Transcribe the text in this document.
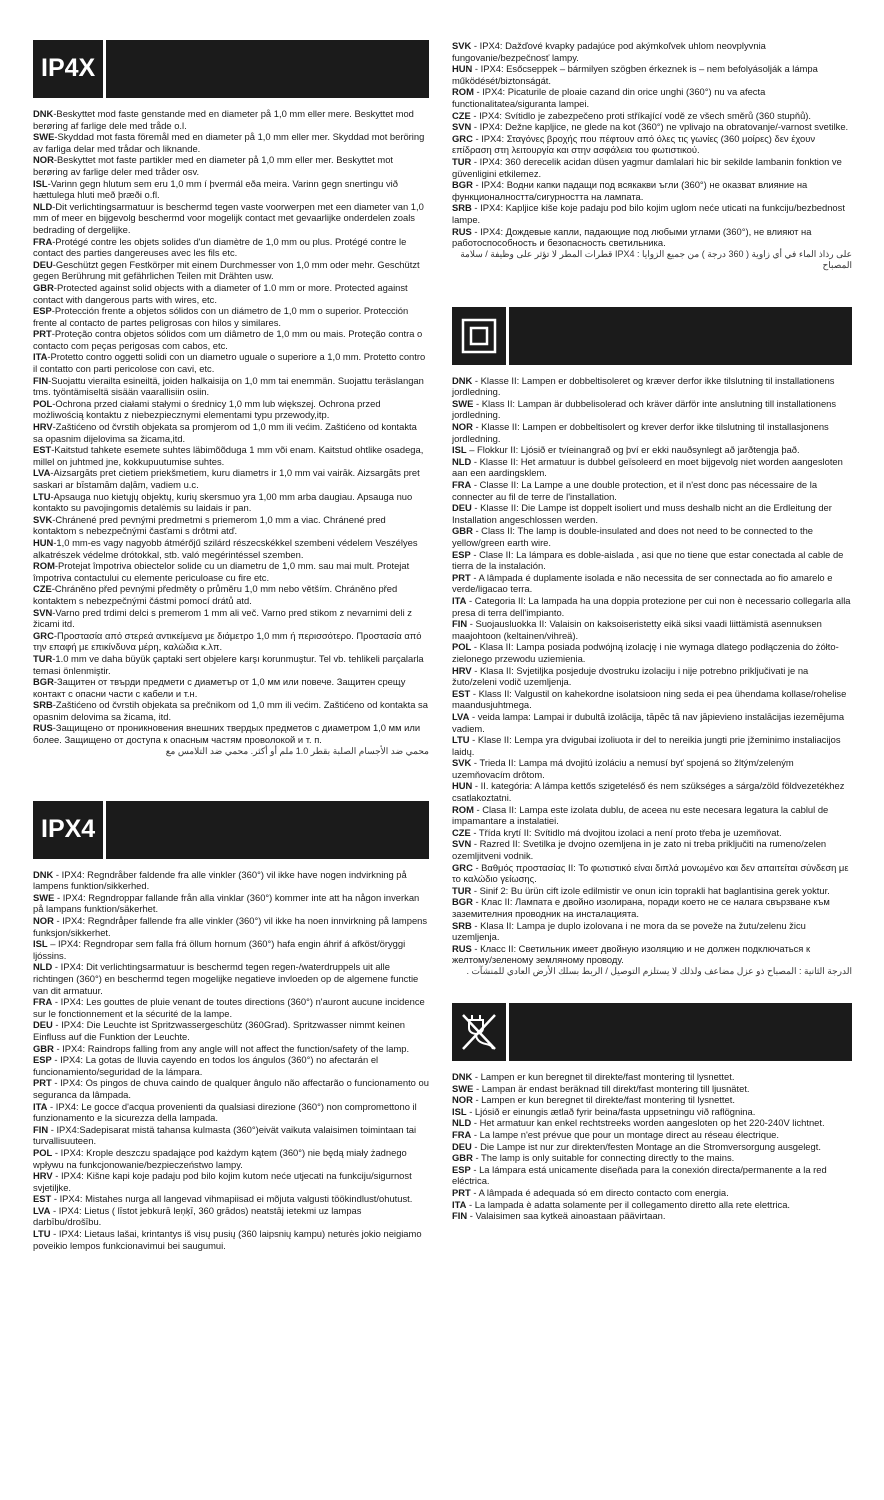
IP4X

DNK-Beskyttet mod faste genstande med en diameter på 1,0 mm eller mere. Beskyttet mod berøring af farlige dele med tråde o.l.

SWE-Skyddad mot fasta föremål med en diameter på 1,0 mm eller mer. Skyddad mot beröring av farliga delar med trådar och liknande.

NOR-Beskyttet mot faste partikler med en diameter på 1,0 mm eller mer. Beskyttet mot berøring av farlige deler med tråder osv.

ISL-Varinn gegn hlutum sem eru 1,0 mm í þvermál eða meira. Varinn gegn snertingu við hættulega hluti með þræði o.fl.

NLD-Dit verlichtingsarmatuur is beschermd tegen vaste voorwerpen met een diameter van 1,0 mm of meer en bijgevolg beschermd voor mogelijk contact met gevaarlijke onderdelen zoals bedrading of dergelijke.

FRA-Protégé contre les objets solides d'un diamètre de 1,0 mm ou plus. Protégé contre le contact des parties dangereuses avec les fils etc.

DEU-Geschützt gegen Festkörper mit einem Durchmesser von 1,0 mm oder mehr. Geschützt gegen Berührung mit gefährlichen Teilen mit Drähten usw.

GBR-Protected against solid objects with a diameter of 1.0 mm or more. Protected against contact with dangerous parts with wires, etc.

ESP-Protección frente a objetos sólidos con un diámetro de 1,0 mm o superior. Protección frente al contacto de partes peligrosas con hilos y similares.

PRT-Proteção contra objetos sólidos com um diâmetro de 1,0 mm ou mais. Proteção contra o contacto com peças perigosas com cabos, etc.

ITA-Protetto contro oggetti solidi con un diametro uguale o superiore a 1,0 mm. Protetto contro il contatto con parti pericolose con cavi, etc.

FIN-Suojattu vierailta esineiltä, joiden halkaisija on 1,0 mm tai enemmän. Suojattu teräslangan tms. työntämiseltä sisään vaarallisiin osiin.

POL-Ochrona przed ciałami stałymi o średnicy 1,0 mm lub większej. Ochrona przed możliwością kontaktu z niebezpiecznymi elementami typu przewody,itp.

HRV-Zaštićeno od čvrstih objekata sa promjerom od 1,0 mm ili većim. Zaštićeno od kontakta sa opasnim dijelovima sa žicama,itd.

EST-Kaitstud tahkete esemete suhtes läbimõõduga 1 mm või enam. Kaitstud ohtlike osadega, millel on juhtmed jne, kokkupuutumise suhtes.

LVA-Aizsargāts pret cietiem priekšmetiem, kuru diametrs ir 1,0 mm vai vairāk. Aizsargāts pret saskari ar bīstamām daļām, vadiem u.c.

LTU-Apsauga nuo kietųjų objektų, kurių skersmuo yra 1,00 mm arba daugiau. Apsauga nuo kontakto su pavojingomis detalėmis su laidais ir pan.

SVK-Chránené pred pevnými predmetmi s priemerom 1,0 mm a viac. Chránené pred kontaktom s nebezpečnými časťami s drôtmi atď.

HUN-1,0 mm-es vagy nagyobb átmérőjű szilárd részecskékkel szembeni védelem Veszélyes alkatrészek védelme drótokkal, stb. való megérintéssel szemben.

ROM-Protejat împotriva obiectelor solide cu un diametru de 1,0 mm. sau mai mult. Protejat împotriva contactului cu elemente periculoase cu fire etc.

CZE-Chráněno před pevnými předměty o průměru 1,0 mm nebo větším. Chráněno před kontaktem s nebezpečnými částmi pomocí drátů atd.

SVN-Varno pred trdimi delci s premerom 1 mm ali več. Varno pred stikom z nevarnimi deli z žicami itd.

GRC-Προστασία από στερεά αντικείμενα με διάμετρο 1,0 mm ή περισσότερο. Προστασία από την επαφή με επικίνδυνα μέρη, καλώδια κ.λπ.

TUR-1.0 mm ve daha büyük çaptaki sert objelere karşı korunmuştur. Tel vb. tehlikeli parçalarla temasi önlenmiştir.

BGR-Защитен от твърди предмети с диаметър от 1,0 мм или повече. Защитен срещу контакт с опасни части с кабели и т.н.

SRB-Zaštićeno od čvrstih objekata sa prečnikom od 1,0 mm ili većim. Zaštićeno od kontakta sa opasnim delovima sa žicama, itd.

RUS-Защищено от проникновения внешних твердых предметов с диаметром 1,0 мм или более. Защищено от доступа к опасным частям проволокой и т. п.

محمي ضد الأجسام الصلبة بقطر 1.0 ملم أو أكثر. محمي ضد التلامس مع
IPX4

DNK - IPX4: Regndråber faldende fra alle vinkler (360°) vil ikke have nogen indvirkning på lampens funktion/sikkerhed.

SWE - IPX4: Regndroppar fallande från alla vinklar (360°) kommer inte att ha någon inverkan på lampans funktion/säkerhet.

NOR - IPX4: Regndråper fallende fra alle vinkler (360°) vil ikke ha noen innvirkning på lampens funksjon/sikkerhet.

ISL – IPX4: Regndropar sem falla frá öllum hornum (360°) hafa engin áhrif á afköst/öryggi ljóssins.

NLD - IPX4: Dit verlichtingsarmatuur is beschermd tegen regen-/waterdruppels uit alle richtingen (360°) en beschermd tegen mogelijke negatieve invloeden op de algemene functie van dit armatuur.

FRA - IPX4: Les gouttes de pluie venant de toutes directions (360°) n'auront aucune incidence sur le fonctionnement et la sécurité de la lampe.

DEU - IPX4: Die Leuchte ist Spritzwassergeschütz (360Grad). Spritzwasser nimmt keinen Einfluss auf die Funktion der Leuchte.

GBR - IPX4: Raindrops falling from any angle will not affect the function/safety of the lamp.

ESP - IPX4: La gotas de lluvia cayendo en todos los ángulos (360°) no afectarán el funcionamiento/seguridad de la lámpara.

PRT - IPX4: Os pingos de chuva caindo de qualquer ângulo não affectarão o funcionamento ou seguranca da lâmpada.

ITA - IPX4: Le gocce d'acqua provenienti da qualsiasi direzione (360°) non compromettono il funzionamento e la sicurezza della lampada.

FIN - IPX4:Sadepisarat mistä tahansa kulmasta (360°)eivät vaikuta valaisimen toimintaan tai turvallisuuteen.

POL - IPX4: Krople deszczu spadające pod każdym kątem (360°) nie będą miały żadnego wpływu na funkcjonowanie/bezpieczeństwo lampy.

HRV - IPX4: Kišne kapi koje padaju pod bilo kojim kutom neće utjecati na funkciju/sigurnost svjetiljke.

EST - IPX4: Mistahes nurga all langevad vihmapiisad ei mõjuta valgusti töökindlust/ohutust.

LVA - IPX4: Lietus ( līstot jebkurā leņķī, 360 grādos) neatstāj ietekmi uz lampas darbību/drošību.

LTU - IPX4: Lietaus lašai, krintantys iš visų pusių (360 laipsnių kampu) neturės jokio neigiamo poveikio lempos funkcionavimui bei saugumui.

SVK - IPX4: Dažďové kvapky padajúce pod akýmkoľvek uhlom neovplyvnia fungovanie/bezpečnosť lampy.

HUN - IPX4: Esőcseppek – bármilyen szögben érkeznek is – nem befolyásolják a lámpa működését/biztonságát.

ROM - IPX4: Picaturile de ploaie cazand din orice unghi (360°) nu va afecta functionalitatea/siguranta lampei.

CZE - IPX4: Svítidlo je zabezpečeno proti stříkající vodě ze všech směrů (360 stupňů).

SVN - IPX4: Dežne kapljice, ne glede na kot (360°) ne vplivajo na obratovanje/-varnost svetilke.

GRC - IPX4: Σταγόνες βροχής που πέφτουν από όλες τις γωνίες (360 μοίρες) δεν έχουν επίδραση στη λειτουργία και στην ασφάλεια του φωτιστικού.

TUR - IPX4: 360 derecelik acidan düsen yagmur damlalari hic bir sekilde lambanin fonktion ve güvenligini etkilemez.

BGR - IPX4: Водни капки падащи под всякакви ъгли (360°) не оказват влияние на функционалността/сигурността на лампата.

SRB - IPX4: Kapljice kiše koje padaju pod bilo kojim uglom neće uticati na funkciju/bezbednost lampe.

RUS - IPX4: Дождевые капли, падающие под любыми углами (360°), не влияют на работоспособность и безопасность светильника.

على رذاذ الماء في أي زاوية ( 360 درجة ) من جميع الزوايا : IPX4 قطرات المطر لا تؤثر على وظيفة / سلامة المصباح

DNK - Klasse II: Lampen er dobbeltisoleret og kræver derfor ikke tilslutning til installationens jordledning.

SWE - Klass II: Lampan är dubbelisolerad och kräver därför inte anslutning till installationens jordledning.

NOR - Klasse II: Lampen er dobbeltisolert og krever derfor ikke tilslutning til installasjonens jordledning.

ISL – Flokkur II: Ljósið er tvíeinangrað og því er ekki nauðsynlegt að jarðtengja það.

NLD - Klasse II: Het armatuur is dubbel geïsoleerd en moet bijgevolg niet worden aangesloten aan een aardingsklem.

FRA - Classe II: La Lampe a une double protection, et il n'est donc pas nécessaire de la connecter au fil de terre de l'installation.

DEU - Klasse II: Die Lampe ist doppelt isoliert und muss deshalb nicht an die Erdleitung der Installation angeschlossen werden.

GBR - Class II: The lamp is double-insulated and does not need to be connected to the yellow/green earth wire.

ESP - Clase II: La lámpara es doble-aislada , asi que no tiene que estar conectada al cable de tierra de la instalación.

PRT - A lâmpada é duplamente isolada e não necessita de ser connectada ao fio amarelo e verde/ligacao terra.

ITA - Categoria II: La lampada ha una doppia protezione per cui non è necessario collegarla alla presa di terra dell'impianto.

FIN - Suojausluokka II: Valaisin on kaksoiseristetty eikä siksi vaadi liittämistä asennuksen maajohtoon (keltainen/vihreä).

POL - Klasa II: Lampa posiada podwójną izolację i nie wymaga dlatego podłączenia do żółto-zielonego przewodu uziemienia.

HRV - Klasa II: Svjetiljka posjeduje dvostruku izolaciju i nije potrebno priključivati je na žuto/zeleni vodič uzemljenja.

EST - Klass II: Valgustil on kahekordne isolatsioon ning seda ei pea ühendama kollase/rohelise maandusjuhtmega.

LVA - veida lampa: Lampai ir dubultā izolācija, tāpēc tā nav jāpievieno instalācijas iezemējuma vadiem.

LTU - Klase II: Lempa yra dvigubai izoliuota ir del to nereikia jungti prie įžeminimo instaliacijos laidų.

SVK - Trieda II: Lampa má dvojitú izoláciu a nemusí byť spojená so žltým/zeleným uzemňovacím drôtom.

HUN - II. kategória: A lámpa kettős szigeteléső és nem szükséges a sárga/zöld földvezetékhez csatlakoztatni.

ROM - Clasa II: Lampa este izolata dublu, de aceea nu este necesara legatura la cablul de impamantare a instalatiei.

CZE - Třída krytí II: Svítidlo má dvojitou izolaci a není proto třeba je uzemňovat.

SVN - Razred II: Svetilka je dvojno ozemljena in je zato ni treba priključiti na rumeno/zelen ozemljitveni vodnik.

GRC - Βαθμός προστασίας II: Το φωτιστικό είναι διπλά μονωμένο και δεν απαιτείται σύνδεση με το καλώδιο γείωσης.

TUR - Sinif 2: Bu ürün cift izole edilmistir ve onun icin toprakli hat baglantisina gerek yoktur.

BGR - Клас II: Лампата е двойно изолирана, поради което не се налага свързване към заземителния проводник на инсталацията.

SRB - Klasa II: Lampa je duplo izolovana i ne mora da se poveže na žutu/zelenu žicu uzemljenja.

RUS - Класс II: Светильник имеет двойную изоляцию и не должен подключаться к желтому/зеленому земляному проводу.

الدرجة الثانية : المصباح ذو عزل مضاعف ولذلك لا يستلزم التوصيل / الربط بسلك الأرض العادي للمنشآت .

DNK - Lampen er kun beregnet til direkte/fast montering til lysnettet.

SWE - Lampan är endast beräknad till direkt/fast montering till ljusnätet.

NOR - Lampen er kun beregnet til direkte/fast montering til lysnettet.

ISL - Ljósið er einungis ætlað fyrir beina/fasta uppsetningu við raflögnina.

NLD - Het armatuur kan enkel rechtstreeks worden aangesloten op het 220-240V lichtnet.

FRA - La lampe n'est prévue que pour un montage direct au réseau électrique.

DEU - Die Lampe ist nur zur direkten/festen Montage an die Stromversorgung ausgelegt.

GBR - The lamp is only suitable for connecting directly to the mains.

ESP - La lámpara está unicamente diseñada para la conexión directa/permanente a la red eléctrica.

PRT - A lâmpada é adequada só em directo contacto com energia.

ITA - La lampada è adatta solamente per il collegamento diretto alla rete elettrica.

FIN - Valaisimen saa kytkeä ainoastaan päävirtaan.
